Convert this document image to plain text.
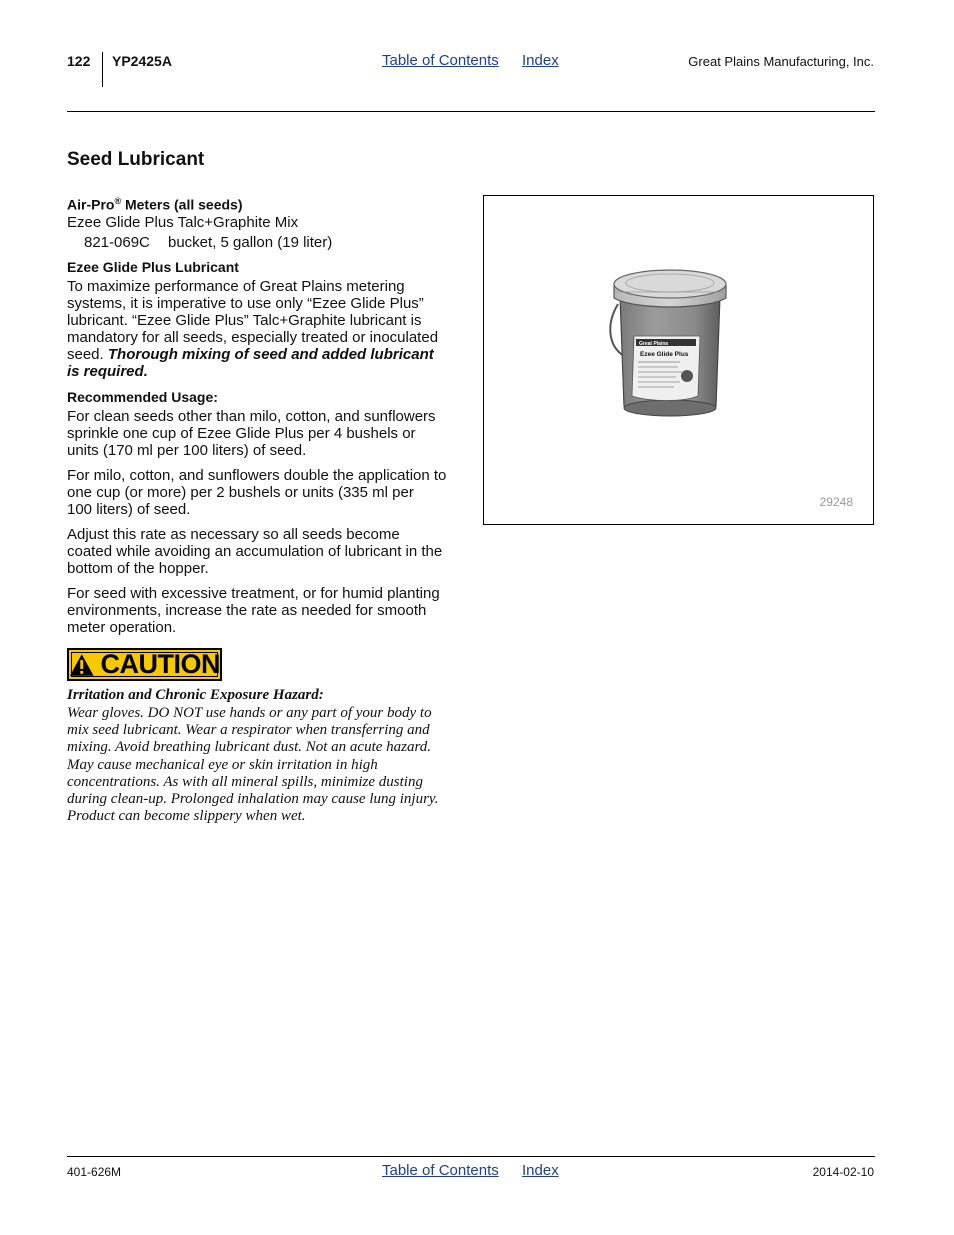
122 YP2425A	Table of Contents Index	Great Plains Manufacturing, Inc.
Seed Lubricant
Air-Pro® Meters (all seeds)
Ezee Glide Plus Talc+Graphite Mix
821-069C bucket, 5 gallon (19 liter)
Ezee Glide Plus Lubricant
To maximize performance of Great Plains metering
systems, it is imperative to use only “Ezee Glide Plus”
lubricant. “Ezee Glide Plus” Talc+Graphite lubricant is
mandatory for all seeds, especially treated or inoculated
seed. Thorough mixing of seed and added lubricant
is required.
Recommended Usage:
For clean seeds other than milo, cotton, and sunflowers
sprinkle one cup of Ezee Glide Plus per 4 bushels or
units (170 ml per 100 liters) of seed.
For milo, cotton, and sunflowers double the application to
one cup (or more) per 2 bushels or units (335 ml per
100 liters) of seed.
Adjust this rate as necessary so all seeds become
coated while avoiding an accumulation of lubricant in the
bottom of the hopper.
For seed with excessive treatment, or for humid planting
environments, increase the rate as needed for smooth
meter operation.
CAUTION
Irritation and Chronic Exposure Hazard:
Wear gloves. DO NOT use hands or any part of your body to
mix seed lubricant. Wear a respirator when transferring and
mixing. Avoid breathing lubricant dust. Not an acute hazard.
May cause mechanical eye or skin irritation in high
concentrations. As with all mineral spills, minimize dusting
during clean-up. Prolonged inhalation may cause lung injury.
Product can become slippery when wet.
Great Plains
Ezee Glide Plus
29248
401-626M	Table of Contents Index	2014-02-10
